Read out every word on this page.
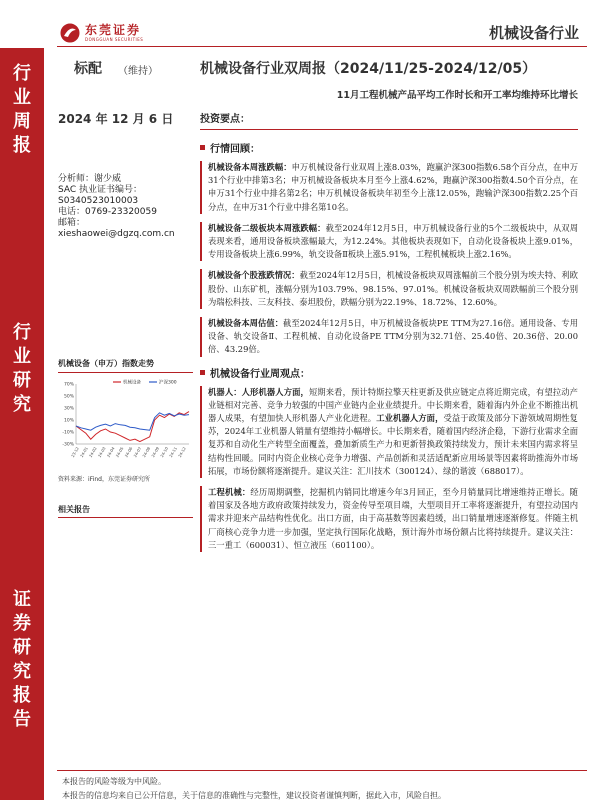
东莞证券
DONGGUAN SECURITIES	机械设备行业
行业周报
行业研究
证券研究报告
标配 （维持）	机械设备行业双周报（2024/11/25-2024/12/05）
11月工程机械产品平均工作时长和开工率均维持环比增长
2024 年 12 月 6 日
分析师：谢少威
SAC 执业证书编号：
S0340523010003
电话：0769-23320059
邮箱：
xieshaowei@dgzq.com.cn
机械设备（申万）指数走势
70%
50%
30%
10%
-10%
-30%
23-12 24-01 24-02 24-03 24-04 24-05 24-06 24-07 24-08 24-09 24-10 24-11 24-12
机械设备	沪深300
资料来源：iFind，东莞证券研究所
相关报告
投资要点：
行情回顾：
机械设备本周涨跌幅：申万机械设备行业双周上涨8.03%，跑赢沪深300指数6.58个百分点，在申万31个行业中排第3名；申万机械设备板块本月至今上涨4.62%，跑赢沪深300指数4.50个百分点，在申万31个行业中排名第2名；申万机械设备板块年初至今上涨12.05%，跑输沪深300指数2.25个百分点，在申万31个行业中排名第10名。
机械设备二级板块本周涨跌幅：截至2024年12月5日，申万机械设备行业的5个二级板块中，从双周表现来看，通用设备板块涨幅最大，为12.24%。其他板块表现如下，自动化设备板块上涨9.01%，专用设备板块上涨6.99%，轨交设备Ⅱ板块上涨5.91%，工程机械板块上涨2.16%。
机械设备个股涨跌情况：截至2024年12月5日，机械设备板块双周涨幅前三个股分别为埃夫特、利欧股份、山东矿机，涨幅分别为103.79%、98.15%、97.01%。机械设备板块双周跌幅前三个股分别为瑞松科技、三友科技、泰坦股份，跌幅分别为22.19%、18.72%、12.60%。
机械设备本周估值：截至2024年12月5日，申万机械设备板块PE TTM为27.16倍。通用设备、专用设备、轨交设备Ⅱ、工程机械、自动化设备PE TTM分别为32.71倍、25.40倍、20.36倍、20.00倍、43.29倍。
机械设备行业周观点：
机器人：人形机器人方面，短期来看，预计特斯拉擎天柱更新及供应链定点将近期完成，有望拉动产业链相对完善、竞争力较强的中国产业链内企业业绩提升。中长期来看，随着海内外企业不断推出机器人成果，有望加快人形机器人产业化进程。工业机器人方面，受益于政策及部分下游领域周期性复苏，2024年工业机器人销量有望维持小幅增长。中长期来看，随着国内经济企稳，下游行业需求全面复苏和自动化生产转型全面覆盖，叠加新质生产力和更新替换政策持续发力，预计未来国内需求将呈结构性回暖。同时内资企业核心竞争力增强、产品创新和灵活适配新应用场景等因素将助推海外市场拓展，市场份额将逐渐提升。建议关注：汇川技术（300124）、绿的谐波（688017）。
工程机械：经历周期调整，挖掘机内销同比增速今年3月回正，至今月销量同比增速维持正增长。随着国家及各地方政府政策持续发力，资金传导至项目端，大型项目开工率将逐渐提升，有望拉动国内需求并迎来产品结构性优化。出口方面，由于高基数等因素趋缓，出口销量增速逐渐修复。伴随主机厂商核心竞争力进一步加强，坚定执行国际化战略，预计海外市场份额占比将持续提升。建议关注：三一重工（600031）、恒立液压（601100）。
本报告的风险等级为中风险。
本报告的信息均来自已公开信息，关于信息的准确性与完整性，建议投资者谨慎判断，据此入市，风险自担。
